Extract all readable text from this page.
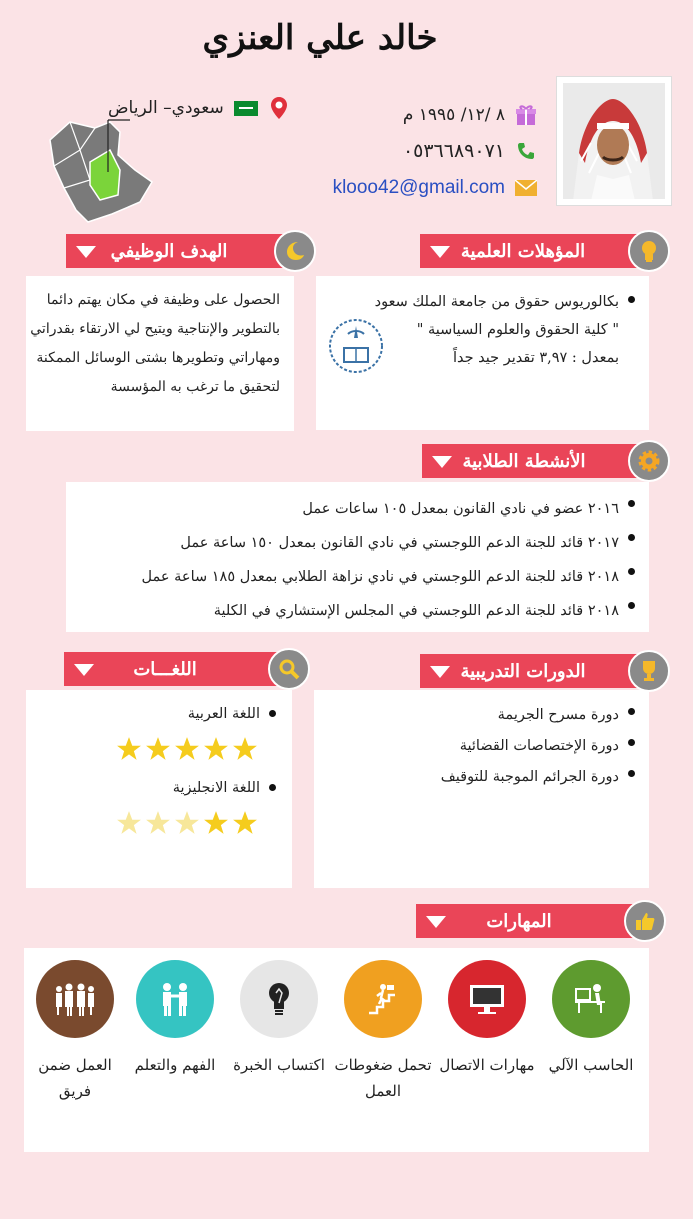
خالد علي العنزي
سعودي– الرياض	٨ /١٢/ ١٩٩٥ م
٠٥٣٦٦٨٩٠٧١
klooo42@gmail.com
المؤهلات العلمية
الهدف الوظيفي
بكالوريوس حقوق من جامعة الملك سعود
" كلية الحقوق والعلوم السياسية "
بمعدل : ٣,٩٧ تقدير جيد جداً
الحصول على وظيفة في مكان يهتم دائما
بالتطوير والإنتاجية ويتيح لي الارتقاء بقدراتي
ومهاراتي وتطويرها بشتى الوسائل الممكنة
لتحقيق ما ترغب به المؤسسة
الأنشطة الطلابية
٢٠١٦ عضو في نادي القانون بمعدل ١٠٥ ساعات عمل
٢٠١٧ قائد للجنة الدعم اللوجستي في نادي القانون بمعدل ١٥٠ ساعة عمل
٢٠١٨ قائد للجنة الدعم اللوجستي في نادي نزاهة الطلابي بمعدل ١٨٥ ساعة عمل
٢٠١٨ قائد للجنة الدعم اللوجستي في المجلس الإستشاري في الكلية
الدورات التدريبية
اللغـــات
دورة مسرح الجريمة
دورة الإختصاصات القضائية
دورة الجرائم الموجبة للتوقيف
اللغة العربية
اللغة الانجليزية
المهارات
الحاسب الآلي
مهارات الاتصال
تحمل ضغوطات العمل
اكتساب الخبرة
الفهم والتعلم
العمل ضمن فريق
